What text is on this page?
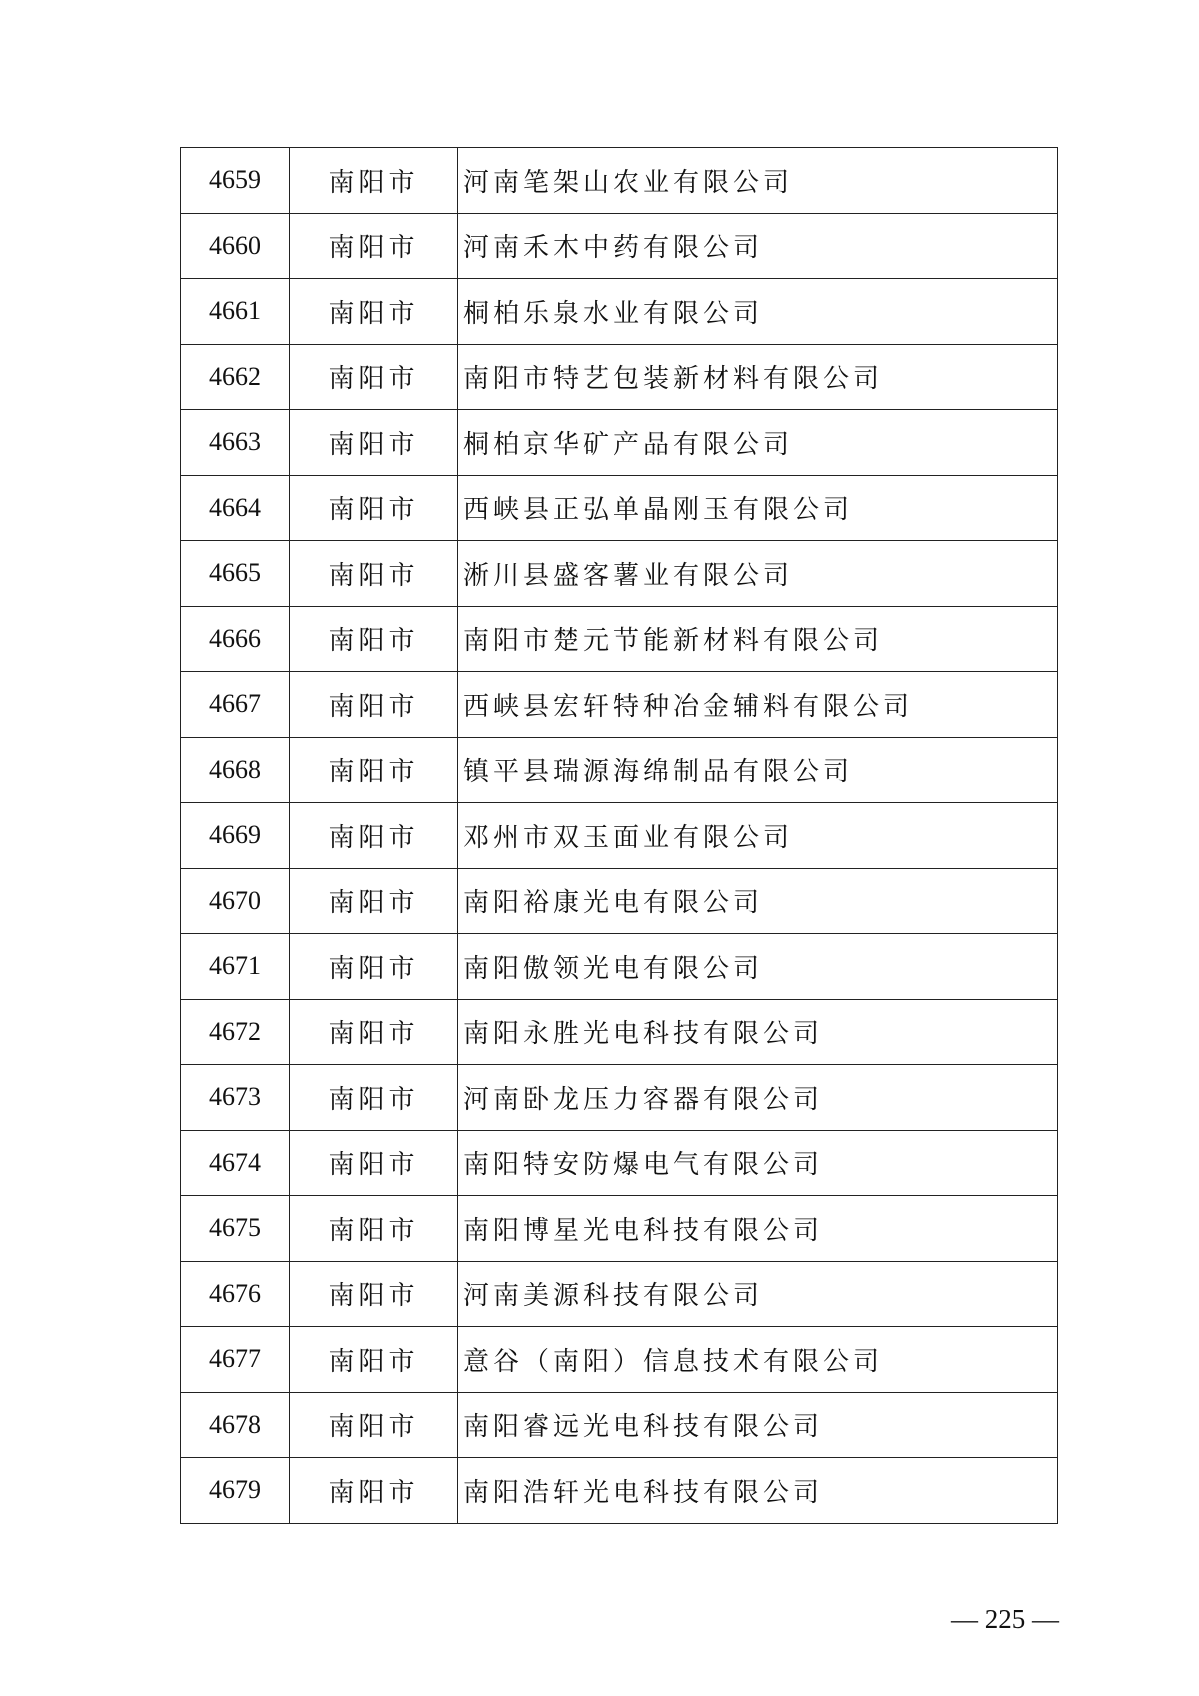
4659	南阳市	河南笔架山农业有限公司
4660	南阳市	河南禾木中药有限公司
4661	南阳市	桐柏乐泉水业有限公司
4662	南阳市	南阳市特艺包装新材料有限公司
4663	南阳市	桐柏京华矿产品有限公司
4664	南阳市	西峡县正弘单晶刚玉有限公司
4665	南阳市	淅川县盛客薯业有限公司
4666	南阳市	南阳市楚元节能新材料有限公司
4667	南阳市	西峡县宏轩特种冶金辅料有限公司
4668	南阳市	镇平县瑞源海绵制品有限公司
4669	南阳市	邓州市双玉面业有限公司
4670	南阳市	南阳裕康光电有限公司
4671	南阳市	南阳傲领光电有限公司
4672	南阳市	南阳永胜光电科技有限公司
4673	南阳市	河南卧龙压力容器有限公司
4674	南阳市	南阳特安防爆电气有限公司
4675	南阳市	南阳博星光电科技有限公司
4676	南阳市	河南美源科技有限公司
4677	南阳市	意谷（南阳）信息技术有限公司
4678	南阳市	南阳睿远光电科技有限公司
4679	南阳市	南阳浩轩光电科技有限公司
— 225 —
